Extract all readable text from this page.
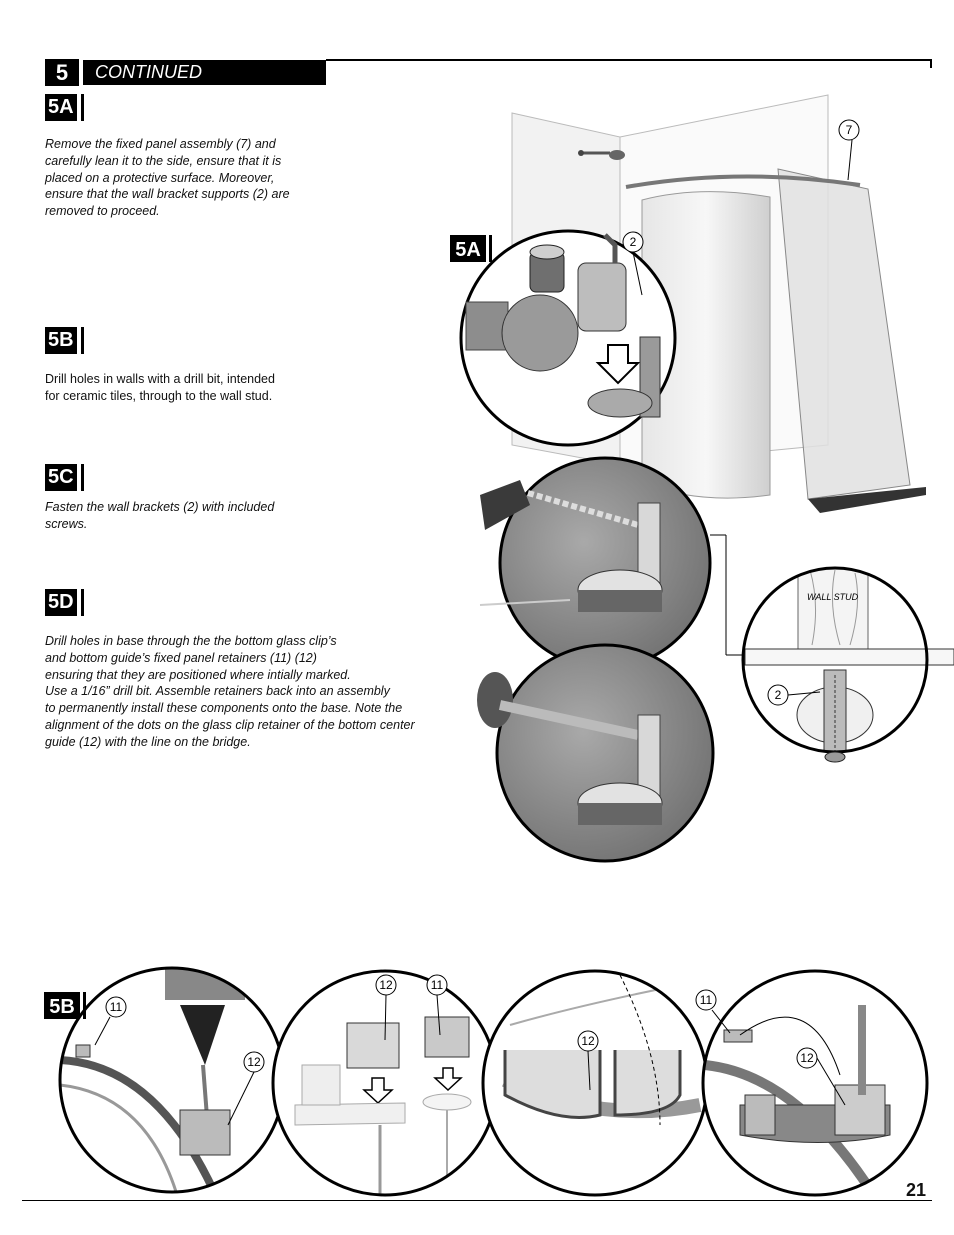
5	CONTINUED
5A
Remove the fixed panel assembly (7) and
carefully lean it to the side, ensure that it is
placed on a protective surface. Moreover,
ensure that the wall bracket supports (2) are
removed to proceed.
5B
Drill holes in walls with a drill bit, intended
for ceramic tiles, through to the wall stud.
5C
Fasten the wall brackets (2) with included
screws.
5D
Drill holes in base through the the bottom glass clip’s
and bottom guide’s fixed panel retainers (11) (12)
ensuring that they are positioned where intially marked.
Use a 1/16” drill bit. Assemble retainers back into an assembly
to permanently install these components onto the base. Note the
alignment of the dots on the glass clip retainer of the bottom center
guide (12) with the line on the bridge.
7
2
5A
WALL STUD
2
5B	11
12
12	11
12
11
12
21
